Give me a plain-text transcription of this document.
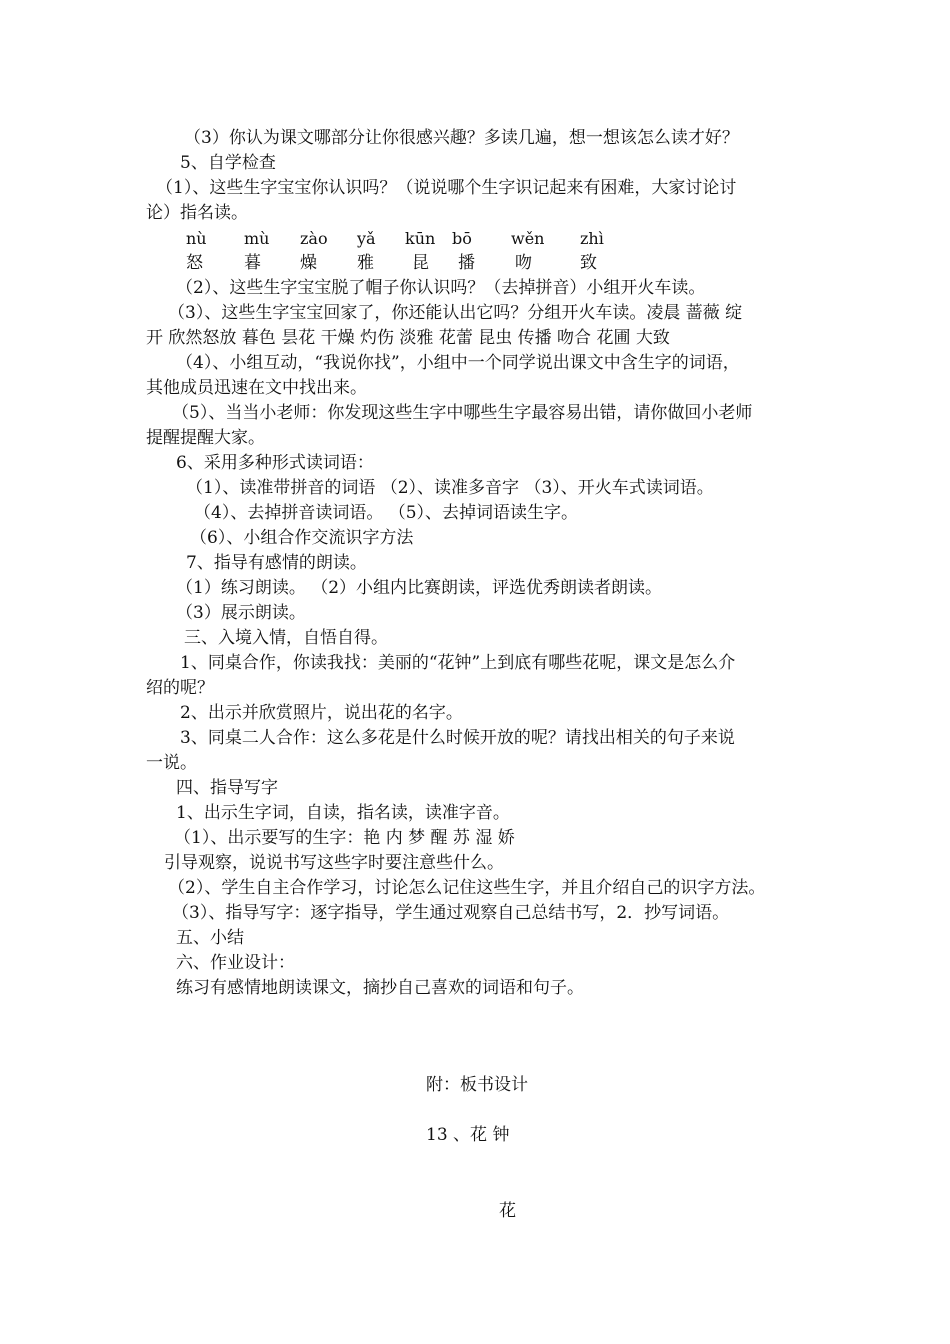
（3）你认为课文哪部分让你很感兴趣？多读几遍，想一想该怎么读才好？
5、自学检查
（1）、这些生字宝宝你认识吗？（说说哪个生字识记起来有困难，大家讨论讨
论）指名读。
nù mù zào yǎ kūn bō wěn zhì
怒 暮 燥 雅 昆 播 吻	致
（2）、这些生字宝宝脱了帽子你认识吗？（去掉拼音）小组开火车读。
（3）、这些生字宝宝回家了，你还能认出它吗？分组开火车读。凌晨 蔷薇 绽
开 欣然怒放 暮色 昙花 干燥 灼伤 淡雅 花蕾 昆虫 传播 吻合 花圃 大致
（4）、小组互动，“我说你找”，小组中一个同学说出课文中含生字的词语，
其他成员迅速在文中找出来。
（5）、当当小老师：你发现这些生字中哪些生字最容易出错，请你做回小老师
提醒提醒大家。
6、采用多种形式读词语：
（1）、读准带拼音的词语 （2）、读准多音字 （3）、开火车式读词语。
（4）、去掉拼音读词语。 （5）、去掉词语读生字。
（6）、小组合作交流识字方法
7、指导有感情的朗读。
（1）练习朗读。 （2）小组内比赛朗读，评选优秀朗读者朗读。
（3）展示朗读。
三、入境入情，自悟自得。
1、同桌合作，你读我找：美丽的“花钟”上到底有哪些花呢，课文是怎么介
绍的呢？
2、出示并欣赏照片，说出花的名字。
3、同桌二人合作：这么多花是什么时候开放的呢？请找出相关的句子来说
一说。
四、指导写字
1、出示生字词，自读，指名读，读准字音。
（1）、出示要写的生字：艳 内 梦 醒 苏 湿 娇
引导观察，说说书写这些字时要注意些什么。
（2）、学生自主合作学习，讨论怎么记住这些生字，并且介绍自己的识字方法。
（3）、指导写字：逐字指导，学生通过观察自己总结书写，2．抄写词语。
五、小结
六、作业设计：
练习有感情地朗读课文，摘抄自己喜欢的词语和句子。
附：板书设计
13 、花 钟
花
